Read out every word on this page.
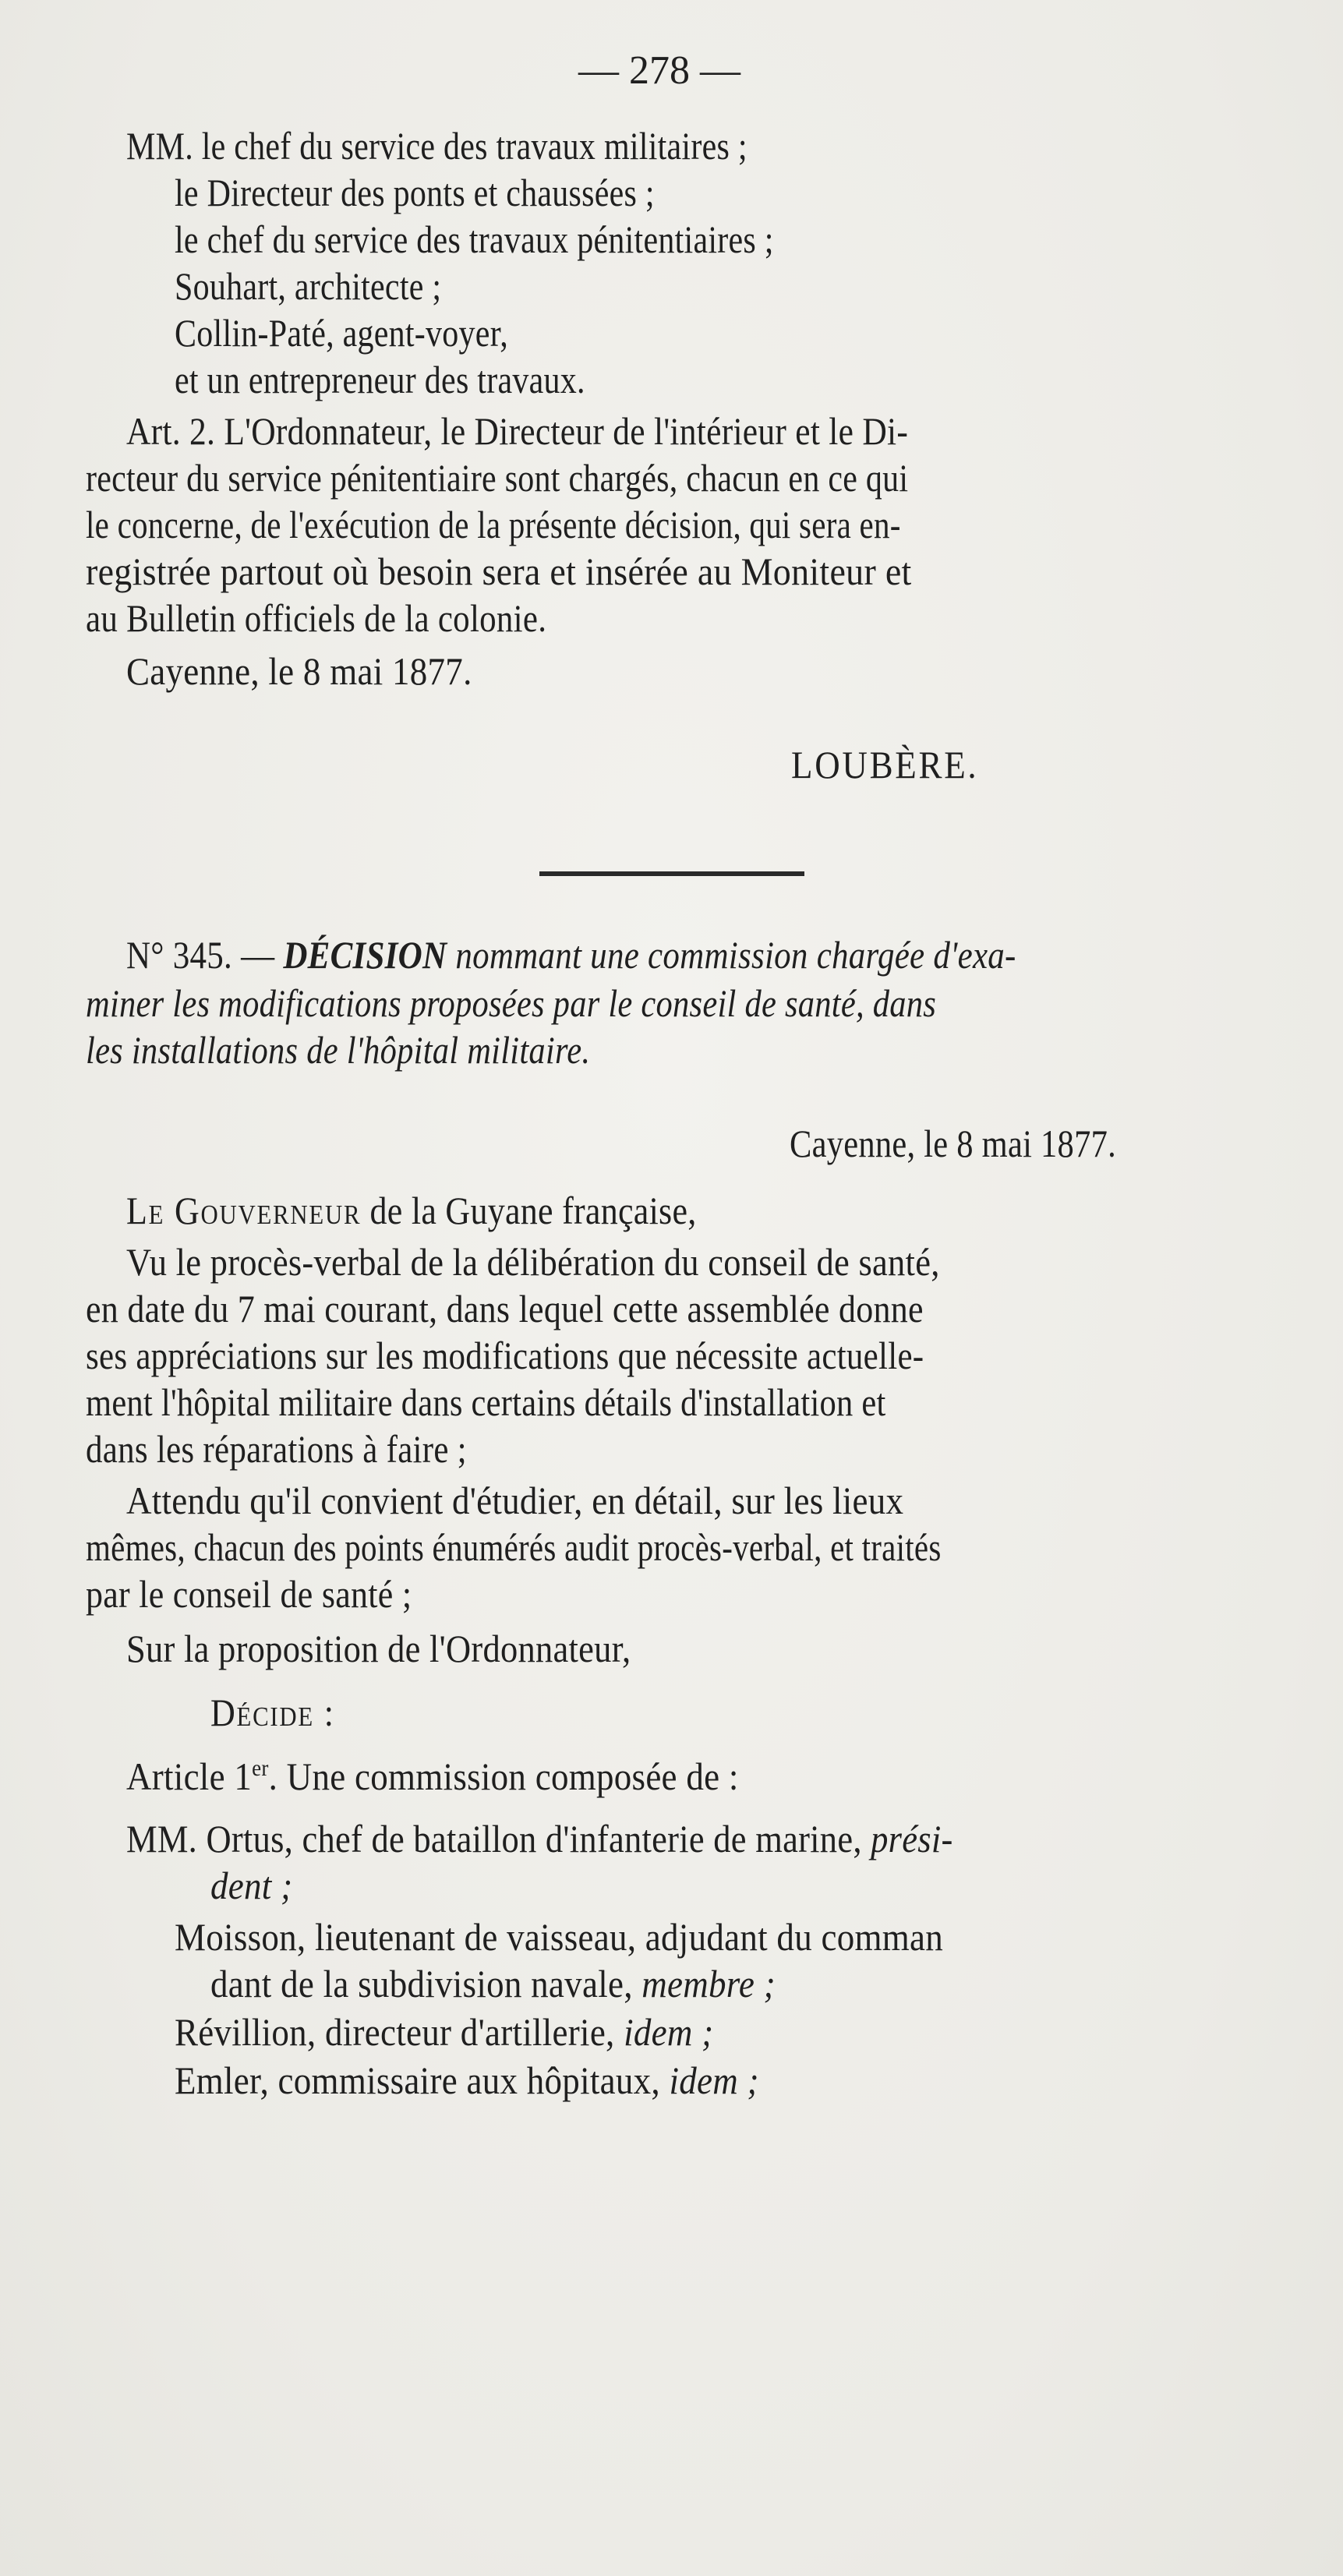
— 278 —
MM. le chef du service des travaux militaires ;
le Directeur des ponts et chaussées ;
le chef du service des travaux pénitentiaires ;
Souhart, architecte ;
Collin-Paté, agent-voyer,
et un entrepreneur des travaux.
Art. 2. L'Ordonnateur, le Directeur de l'intérieur et le Di-
recteur du service pénitentiaire sont chargés, chacun en ce qui
le concerne, de l'exécution de la présente décision, qui sera en-
registrée partout où besoin sera et insérée au Moniteur et
au Bulletin officiels de la colonie.
Cayenne, le 8 mai 1877.
LOUBÈRE.
N° 345. — DÉCISION nommant une commission chargée d'exa-
miner les modifications proposées par le conseil de santé, dans
les installations de l'hôpital militaire.
Cayenne, le 8 mai 1877.
Le Gouverneur de la Guyane française,
Vu le procès-verbal de la délibération du conseil de santé,
en date du 7 mai courant, dans lequel cette assemblée donne
ses appréciations sur les modifications que nécessite actuelle-
ment l'hôpital militaire dans certains détails d'installation et
dans les réparations à faire ;
Attendu qu'il convient d'étudier, en détail, sur les lieux
mêmes, chacun des points énumérés audit procès-verbal, et traités
par le conseil de santé ;
Sur la proposition de l'Ordonnateur,
Décide :
Article 1er. Une commission composée de :
MM. Ortus, chef de bataillon d'infanterie de marine, prési-
dent ;
Moisson, lieutenant de vaisseau, adjudant du comman
dant de la subdivision navale, membre ;
Révillion, directeur d'artillerie, idem ;
Emler, commissaire aux hôpitaux, idem ;
